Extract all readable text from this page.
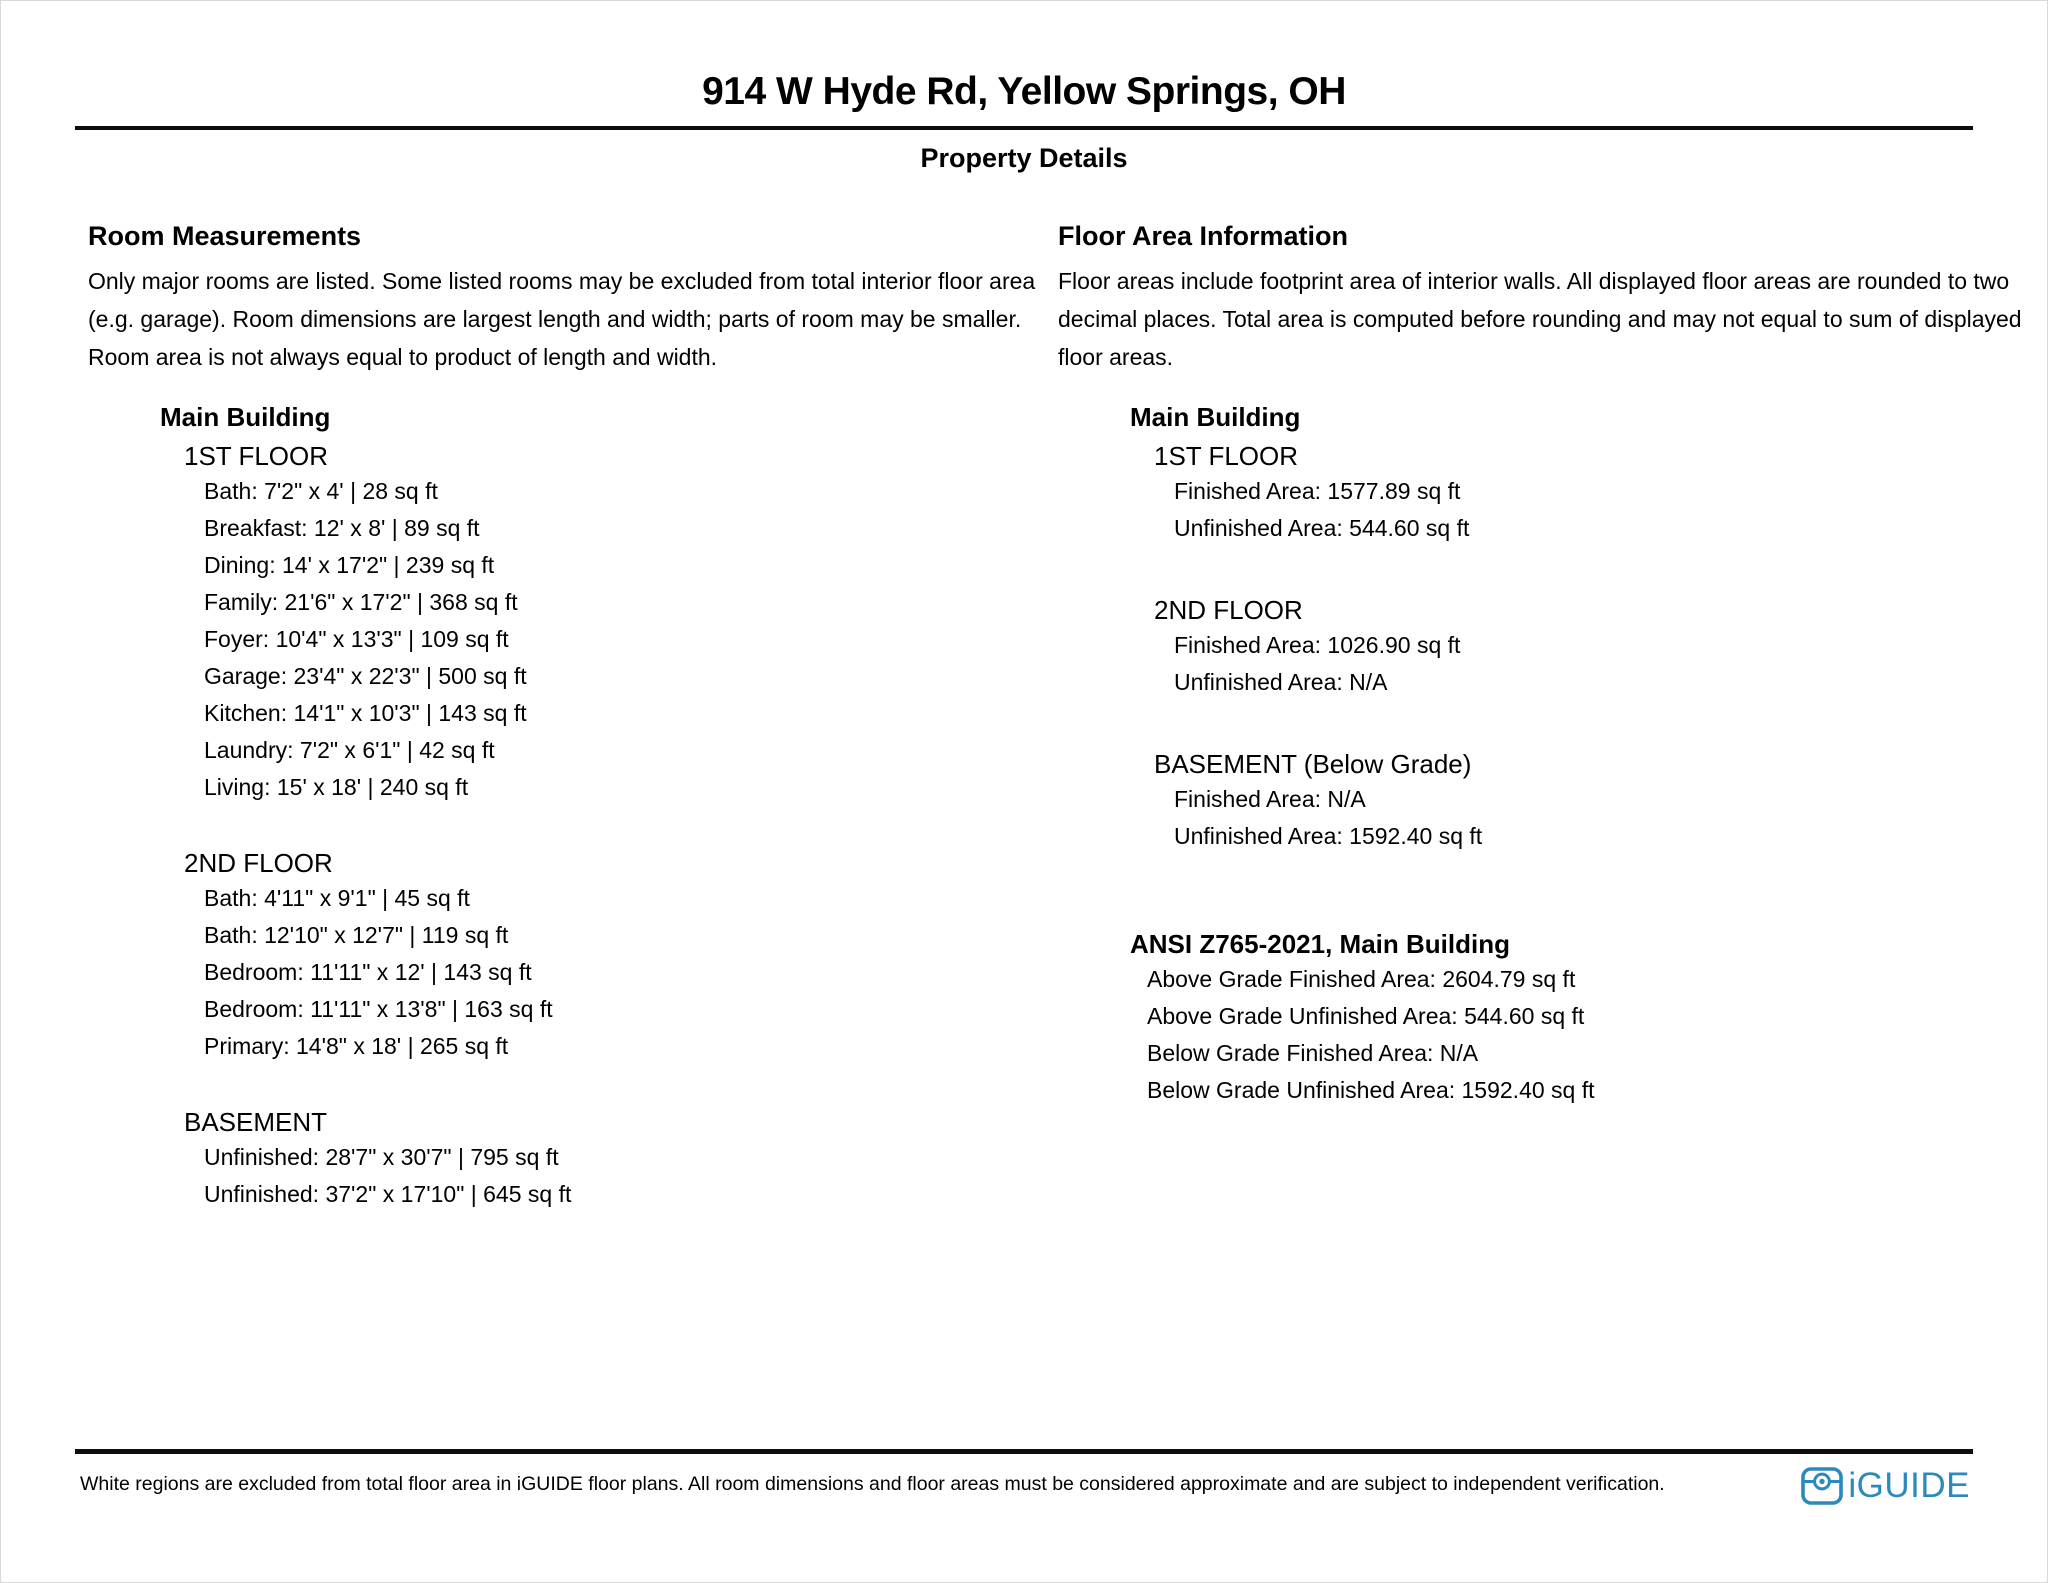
914 W Hyde Rd, Yellow Springs, OH
Property Details
Room Measurements
Only major rooms are listed. Some listed rooms may be excluded from total interior floor area
(e.g. garage). Room dimensions are largest length and width; parts of room may be smaller.
Room area is not always equal to product of length and width.
Main Building
1ST FLOOR
Bath: 7'2" x 4' | 28 sq ft
Breakfast: 12' x 8' | 89 sq ft
Dining: 14' x 17'2" | 239 sq ft
Family: 21'6" x 17'2" | 368 sq ft
Foyer: 10'4" x 13'3" | 109 sq ft
Garage: 23'4" x 22'3" | 500 sq ft
Kitchen: 14'1" x 10'3" | 143 sq ft
Laundry: 7'2" x 6'1" | 42 sq ft
Living: 15' x 18' | 240 sq ft
2ND FLOOR
Bath: 4'11" x 9'1" | 45 sq ft
Bath: 12'10" x 12'7" | 119 sq ft
Bedroom: 11'11" x 12' | 143 sq ft
Bedroom: 11'11" x 13'8" | 163 sq ft
Primary: 14'8" x 18' | 265 sq ft
BASEMENT
Unfinished: 28'7" x 30'7" | 795 sq ft
Unfinished: 37'2" x 17'10" | 645 sq ft
Floor Area Information
Floor areas include footprint area of interior walls. All displayed floor areas are rounded to two
decimal places. Total area is computed before rounding and may not equal to sum of displayed
floor areas.
Main Building
1ST FLOOR
Finished Area: 1577.89 sq ft
Unfinished Area: 544.60 sq ft
2ND FLOOR
Finished Area: 1026.90 sq ft
Unfinished Area: N/A
BASEMENT (Below Grade)
Finished Area: N/A
Unfinished Area: 1592.40 sq ft
ANSI Z765-2021, Main Building
Above Grade Finished Area: 2604.79 sq ft
Above Grade Unfinished Area: 544.60 sq ft
Below Grade Finished Area: N/A
Below Grade Unfinished Area: 1592.40 sq ft
White regions are excluded from total floor area in iGUIDE floor plans. All room dimensions and floor areas must be considered approximate and are subject to independent verification.	iGUIDE
